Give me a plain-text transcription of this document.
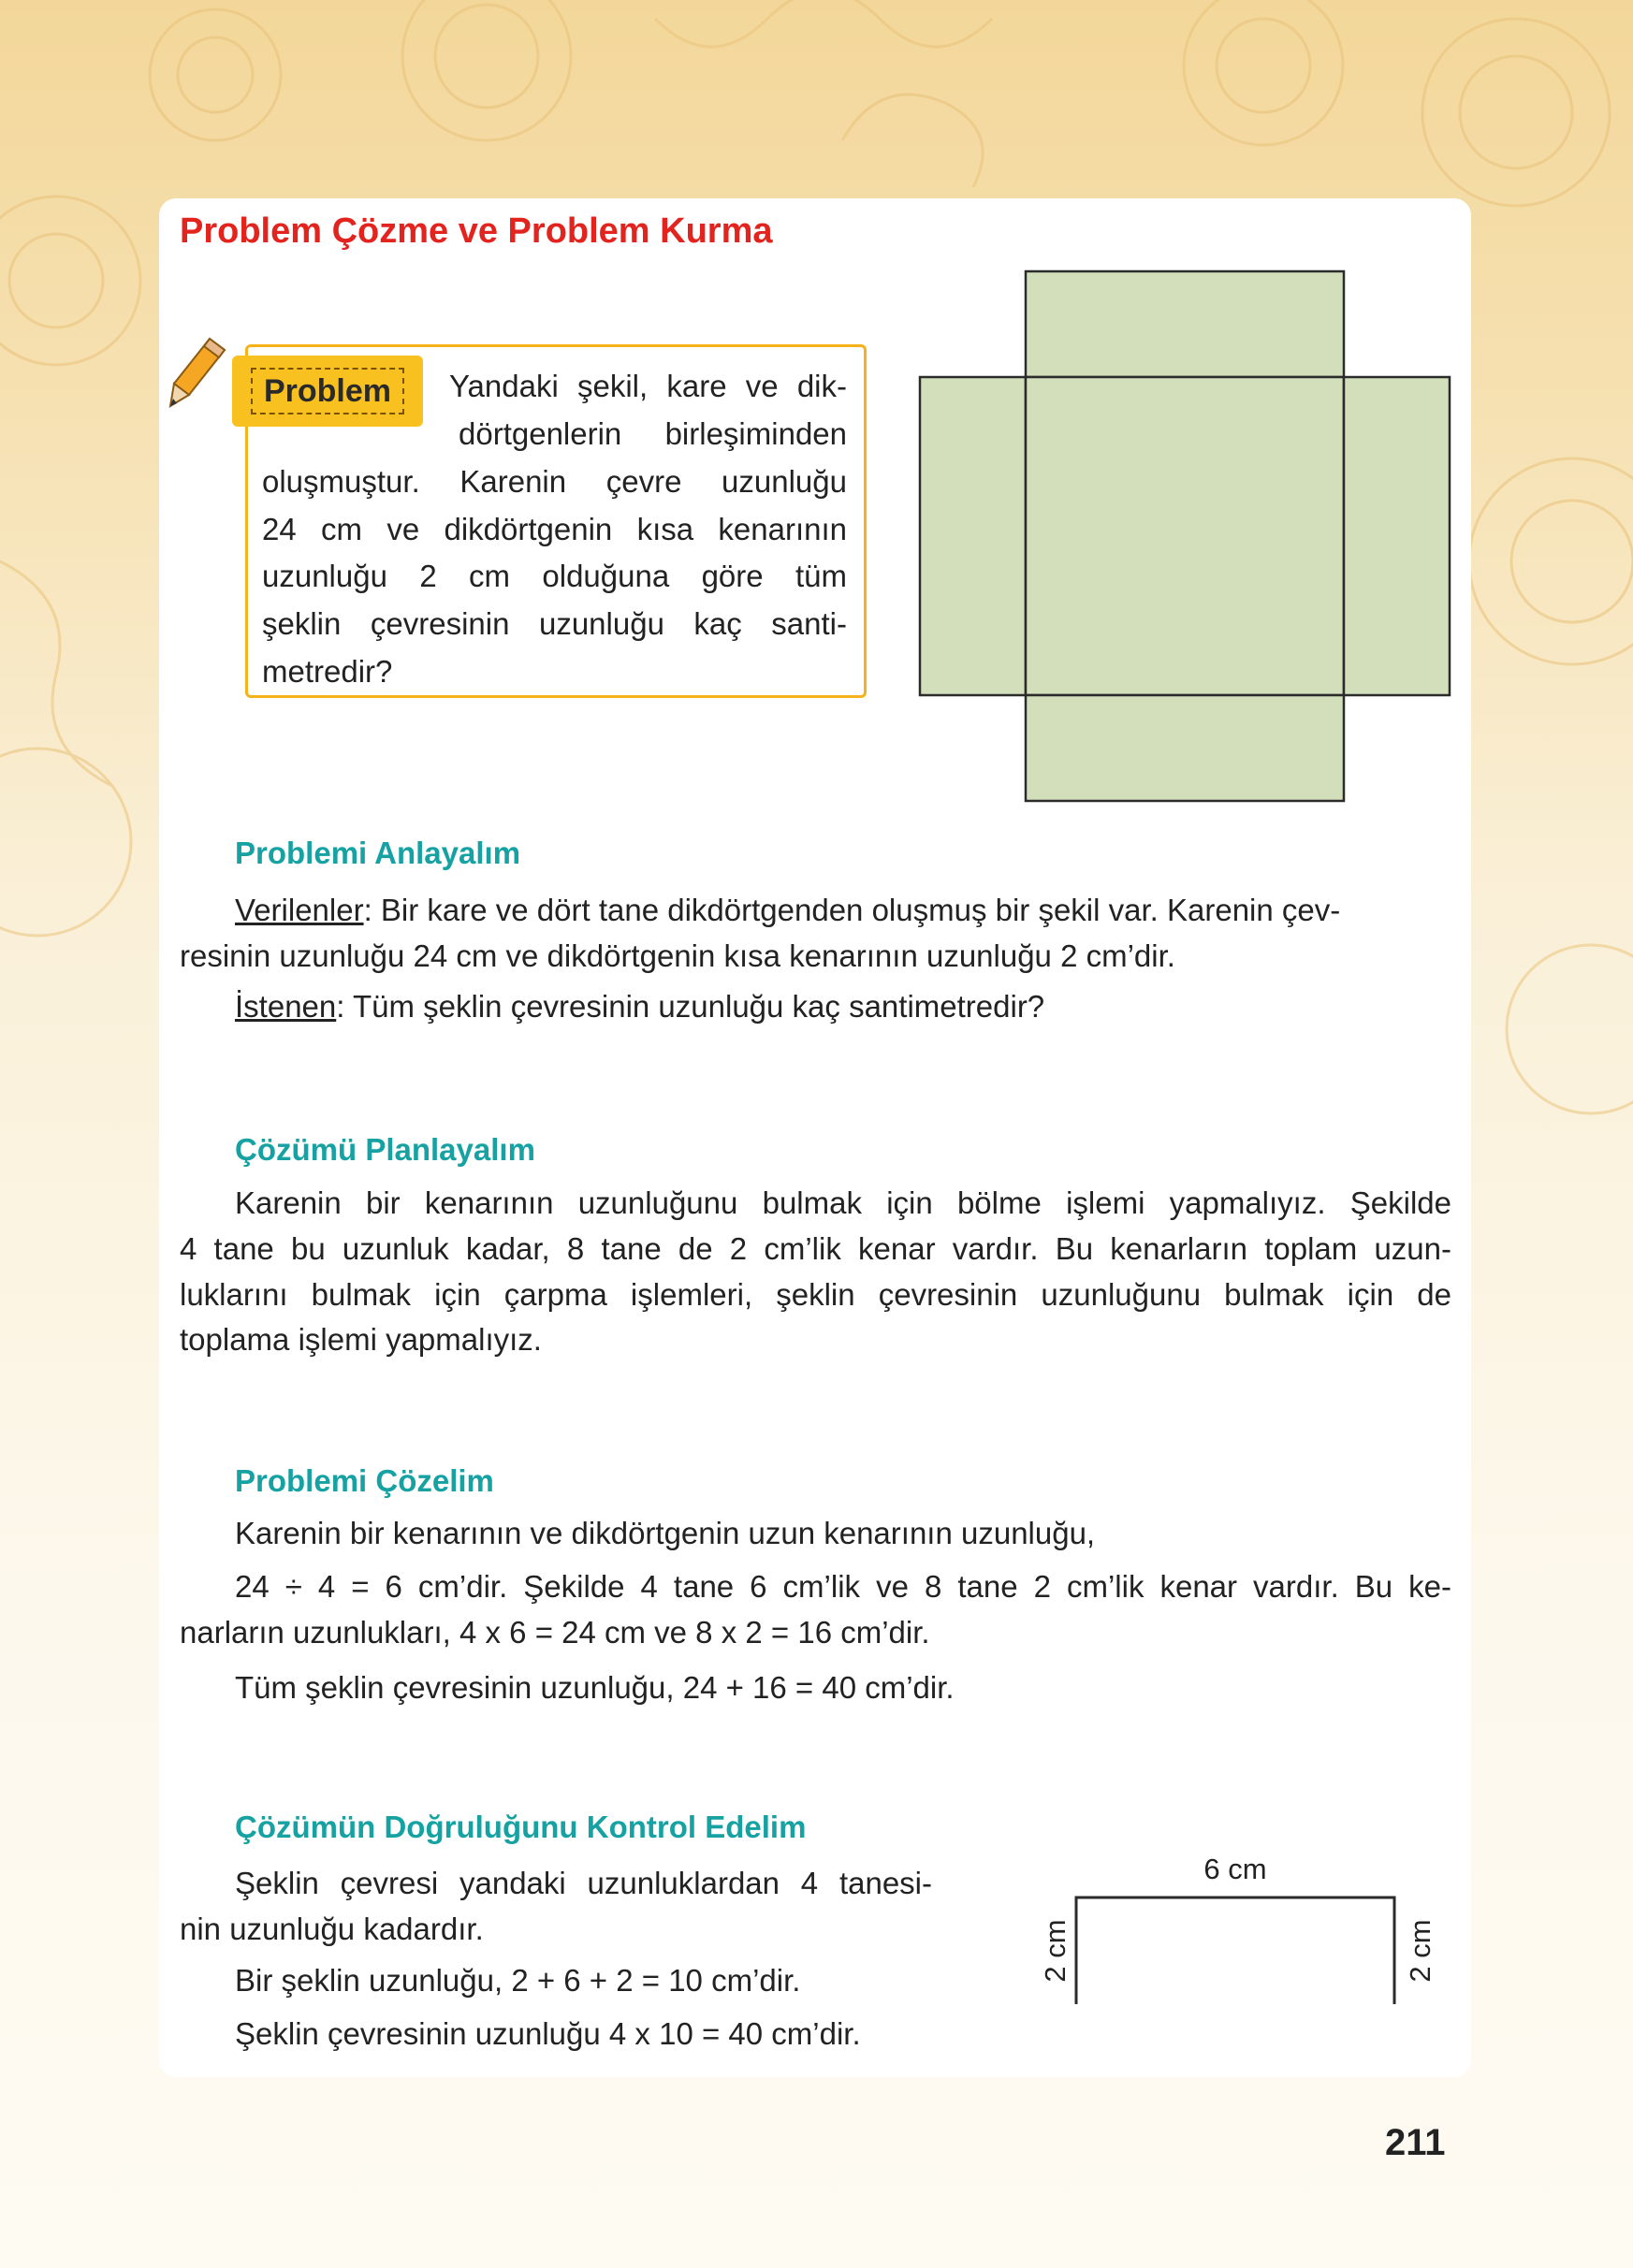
Problem Çözme ve Problem Kurma
Problem	Yandaki şekil, kare ve dik-

dörtgenlerin birleşiminden

oluşmuştur. Karenin çevre uzunluğu

24 cm ve dikdörtgenin kısa kenarının

uzunluğu 2 cm olduğuna göre tüm

şeklin çevresinin uzunluğu kaç santi-

metredir?

Problemi Anlayalım

Verilenler: Bir kare ve dört tane dikdörtgenden oluşmuş bir şekil var. Karenin çev-

resinin uzunluğu 24 cm ve dikdörtgenin kısa kenarının uzunluğu 2 cm’dir.

İstenen: Tüm şeklin çevresinin uzunluğu kaç santimetredir?

Çözümü Planlayalım

Karenin bir kenarının uzunluğunu bulmak için bölme işlemi yapmalıyız. Şekilde

4 tane bu uzunluk kadar, 8 tane de 2 cm’lik kenar vardır. Bu kenarların toplam uzun-

luklarını bulmak için çarpma işlemleri, şeklin çevresinin uzunluğunu bulmak için de

toplama işlemi yapmalıyız.

Problemi Çözelim

Karenin bir kenarının ve dikdörtgenin uzun kenarının uzunluğu,

24 ÷ 4 = 6 cm’dir. Şekilde 4 tane 6 cm’lik ve 8 tane 2 cm’lik kenar vardır. Bu ke-

narların uzunlukları, 4 x 6 = 24 cm ve 8 x 2 = 16 cm’dir.

Tüm şeklin çevresinin uzunluğu, 24 + 16 = 40 cm’dir.

Çözümün Doğruluğunu Kontrol Edelim

Şeklin çevresi yandaki uzunluklardan 4 tanesi-

nin uzunluğu kadardır.

Bir şeklin uzunluğu, 2 + 6 + 2 = 10 cm’dir.

Şeklin çevresinin uzunluğu 4 x 10 = 40 cm’dir.

6 cm
2 cm	2 cm

211
